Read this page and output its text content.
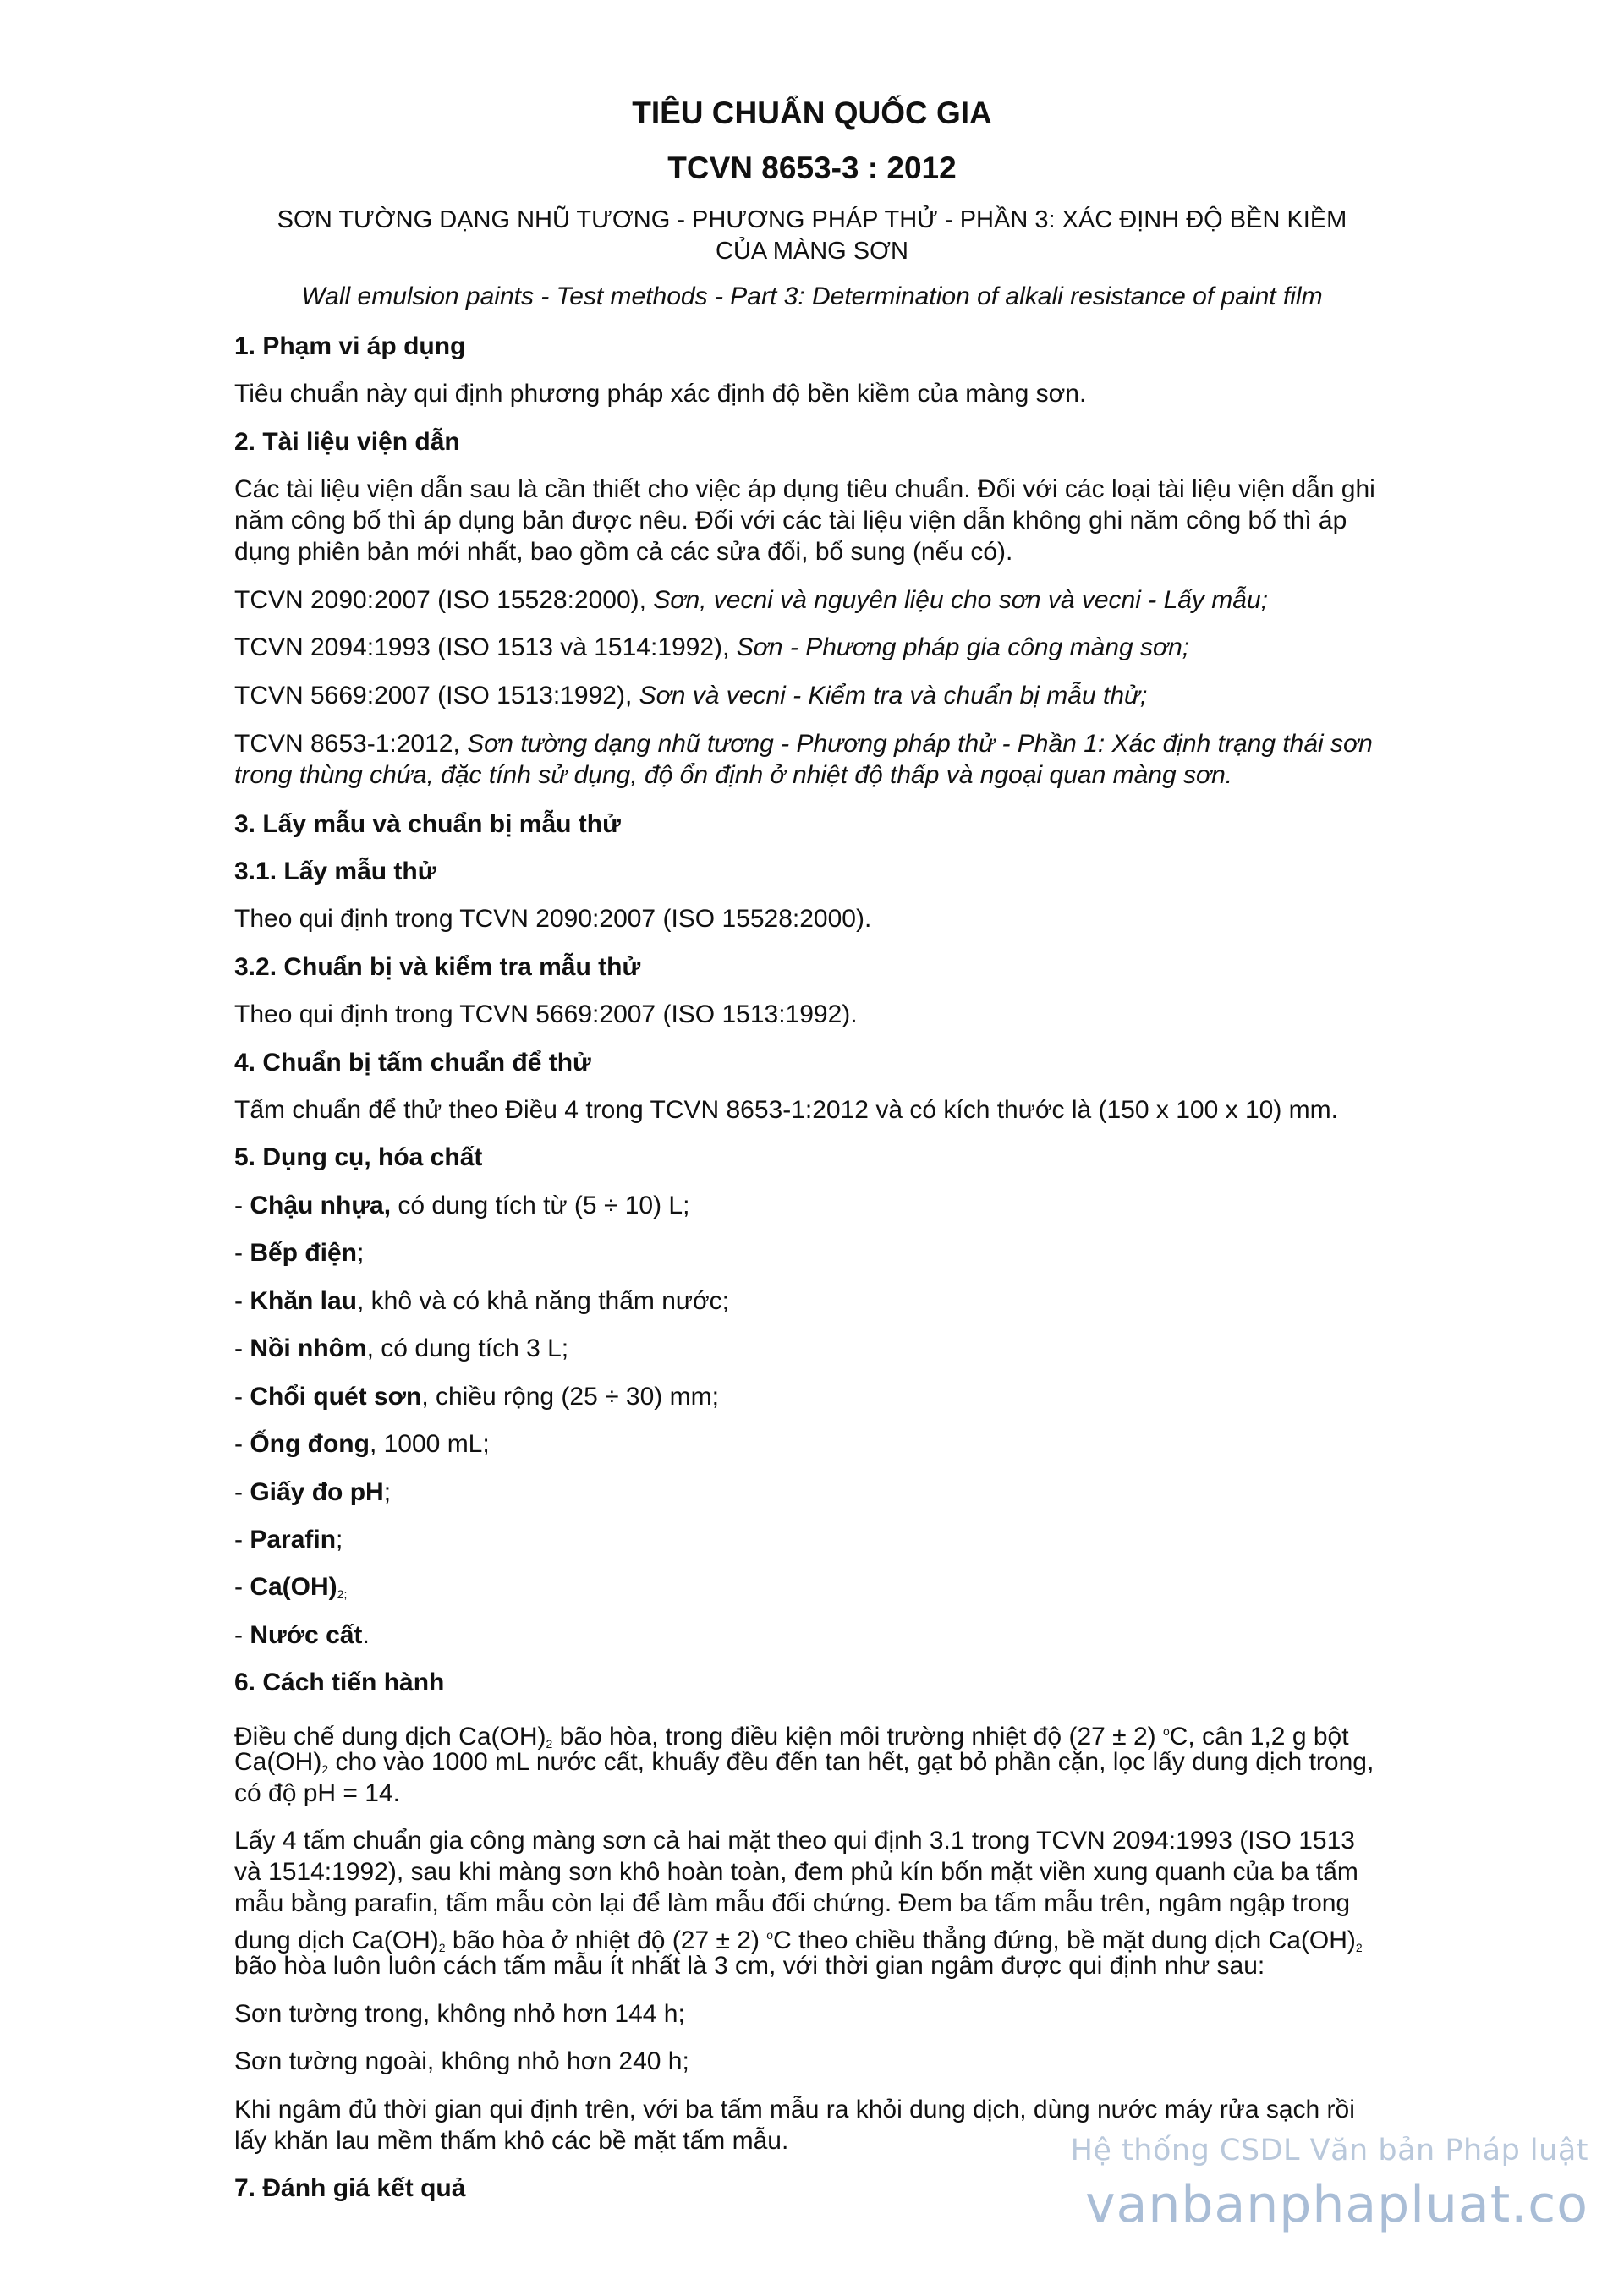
TIÊU CHUẨN QUỐC GIA
TCVN 8653-3 : 2012
SƠN TƯỜNG DẠNG NHŨ TƯƠNG - PHƯƠNG PHÁP THỬ - PHẦN 3: XÁC ĐỊNH ĐỘ BỀN KIỀM
CỦA MÀNG SƠN
Wall emulsion paints - Test methods - Part 3: Determination of alkali resistance of paint film
1. Phạm vi áp dụng
Tiêu chuẩn này qui định phương pháp xác định độ bền kiềm của màng sơn.
2. Tài liệu viện dẫn
Các tài liệu viện dẫn sau là cần thiết cho việc áp dụng tiêu chuẩn. Đối với các loại tài liệu viện dẫn ghi
năm công bố thì áp dụng bản được nêu. Đối với các tài liệu viện dẫn không ghi năm công bố thì áp
dụng phiên bản mới nhất, bao gồm cả các sửa đổi, bổ sung (nếu có).
TCVN 2090:2007 (ISO 15528:2000), Sơn, vecni và nguyên liệu cho sơn và vecni - Lấy mẫu;
TCVN 2094:1993 (ISO 1513 và 1514:1992), Sơn - Phương pháp gia công màng sơn;
TCVN 5669:2007 (ISO 1513:1992), Sơn và vecni - Kiểm tra và chuẩn bị mẫu thử;
TCVN 8653-1:2012, Sơn tường dạng nhũ tương - Phương pháp thử - Phần 1: Xác định trạng thái sơn
trong thùng chứa, đặc tính sử dụng, độ ổn định ở nhiệt độ thấp và ngoại quan màng sơn.
3. Lấy mẫu và chuẩn bị mẫu thử
3.1. Lấy mẫu thử
Theo qui định trong TCVN 2090:2007 (ISO 15528:2000).
3.2. Chuẩn bị và kiểm tra mẫu thử
Theo qui định trong TCVN 5669:2007 (ISO 1513:1992).
4. Chuẩn bị tấm chuẩn để thử
Tấm chuẩn để thử theo Điều 4 trong TCVN 8653-1:2012 và có kích thước là (150 x 100 x 10) mm.
5. Dụng cụ, hóa chất
- Chậu nhựa, có dung tích từ (5 ÷ 10) L;
- Bếp điện;
- Khăn lau, khô và có khả năng thấm nước;
- Nồi nhôm, có dung tích 3 L;
- Chổi quét sơn, chiều rộng (25 ÷ 30) mm;
- Ống đong, 1000 mL;
- Giấy đo pH;
- Parafin;
- $Ca(OH)_{2;}$
- Nước cất.
6. Cách tiến hành
Điều chế dung dịch $Ca(OH)_2$ bão hòa, trong điều kiện môi trường nhiệt độ (27 ± 2) $^o$C, cân 1,2 g bột
$Ca(OH)_2$ cho vào 1000 mL nước cất, khuấy đều đến tan hết, gạt bỏ phần cặn, lọc lấy dung dịch trong,
có độ pH = 14.
Lấy 4 tấm chuẩn gia công màng sơn cả hai mặt theo qui định 3.1 trong TCVN 2094:1993 (ISO 1513
và 1514:1992), sau khi màng sơn khô hoàn toàn, đem phủ kín bốn mặt viền xung quanh của ba tấm
mẫu bằng parafin, tấm mẫu còn lại để làm mẫu đối chứng. Đem ba tấm mẫu trên, ngâm ngập trong
dung dịch $Ca(OH)_2$ bão hòa ở nhiệt độ (27 ± 2) $^o$C theo chiều thẳng đứng, bề mặt dung dịch $Ca(OH)_2$
bão hòa luôn luôn cách tấm mẫu ít nhất là 3 cm, với thời gian ngâm được qui định như sau:
Sơn tường trong, không nhỏ hơn 144 h;
Sơn tường ngoài, không nhỏ hơn 240 h;
Khi ngâm đủ thời gian qui định trên, với ba tấm mẫu ra khỏi dung dịch, dùng nước máy rửa sạch rồi
lấy khăn lau mềm thấm khô các bề mặt tấm mẫu.
7. Đánh giá kết quả
Hệ thống CSDL Văn bản Pháp luật
vanbanphapluat.co
